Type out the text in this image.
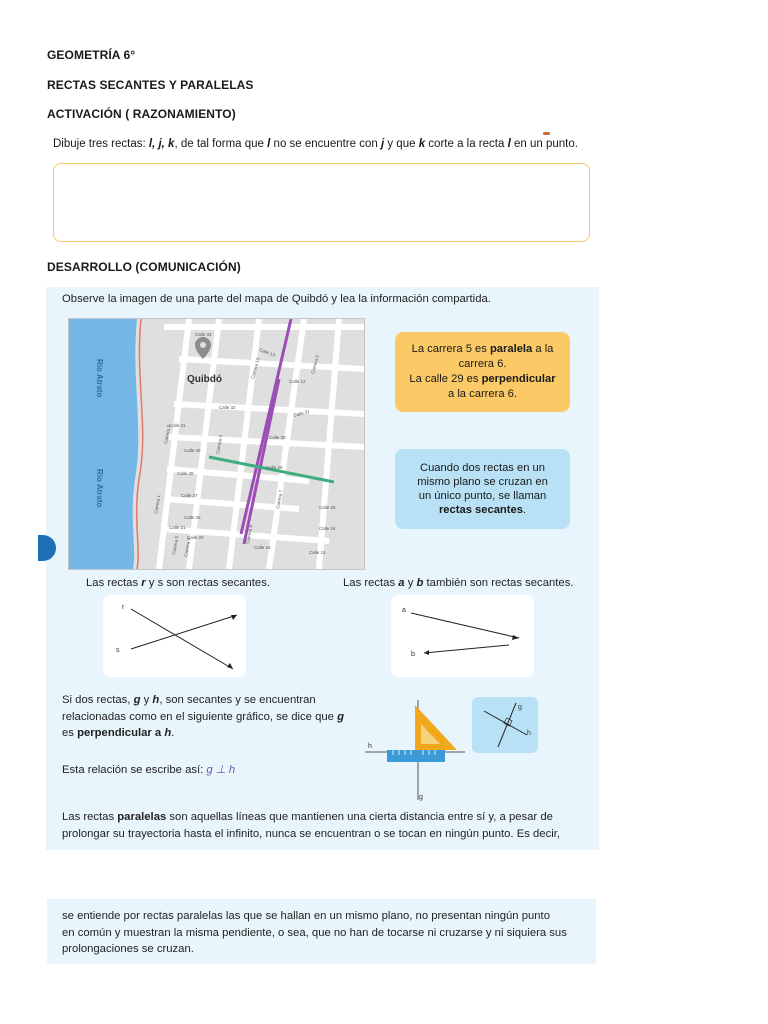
GEOMETRÍA 6°
RECTAS SECANTES Y PARALELAS
ACTIVACIÓN ( RAZONAMIENTO)
Dibuje tres rectas: l, j, k, de tal forma que l no se encuentre con j y que k corte a la recta l en un punto.
DESARROLLO (COMUNICACIÓN)
Observe la imagen de una parte del mapa de Quibdó y lea la información compartida.
Quibdó
Río Atrato
Río Atrato
Calle 33
Calle 13
Carrera 13	Carrera 6
Calle 12
Calle 31
Calle 31
Calle 32
Calle 30
Calle 29
Calle 29
Calle 28
Calle 27
Carrera 1
Carrera 4
Carrera 7
Carrera 3
Calle 26
Calle 25
Calle 24
Carrera 6
Carrera 5 Carrera 4
Calle 21
Calle 20
Calle 16
Calle 15
La carrera 5 es paralela a la
carrera 6.
La calle 29 es perpendicular
a la carrera 6.
Cuando dos rectas en un
mismo plano se cruzan en
un único punto, se llaman
rectas secantes.
Las rectas r y s son rectas secantes.	Las rectas a y b también son rectas secantes.
r
s
a
b
Si dos rectas, g y h, son secantes y se encuentran
relacionadas como en el siguiente gráfico, se dice que g
es perpendicular a h.
Esta relación se escribe así: g ⊥ h
h
g
g
h
Las rectas paralelas son aquellas líneas que mantienen una cierta distancia entre sí y, a pesar de
prolongar su trayectoria hasta el infinito, nunca se encuentran o se tocan en ningún punto. Es decir,
se entiende por rectas paralelas las que se hallan en un mismo plano, no presentan ningún punto
en común y muestran la misma pendiente, o sea, que no han de tocarse ni cruzarse y ni siquiera sus
prolongaciones se cruzan.
